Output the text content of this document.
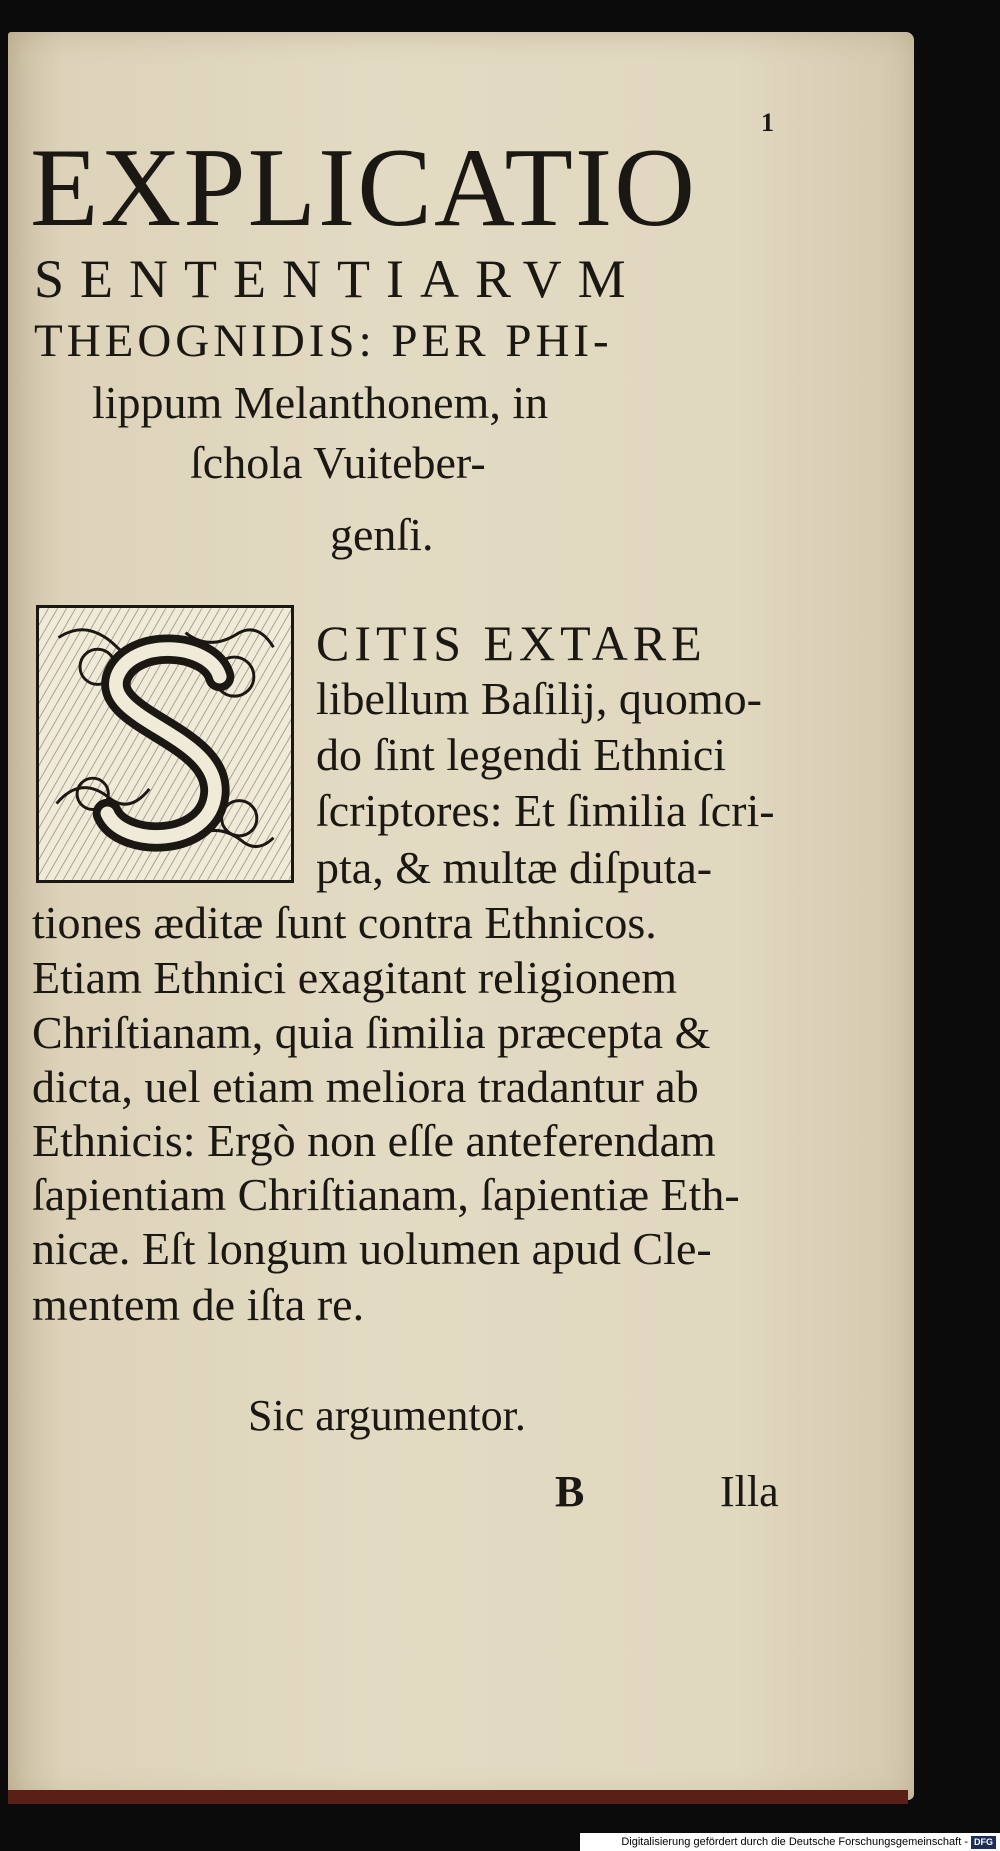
1
EXPLICATIO
SENTENTIARVM
THEOGNIDIS: PER PHI-
lippum Melanthonem, in
ſchola Vuiteber-
genſi.
S
CITIS EXTARE
libellum Baſilij, quomo-
do ſint legendi Ethnici
ſcriptores: Et ſimilia ſcri-
pta, & multæ diſputa-
tiones æditæ ſunt contra Ethnicos.
Etiam Ethnici exagitant religionem
Chriſtianam, quia ſimilia præcepta &
dicta, uel etiam meliora tradantur ab
Ethnicis: Ergò non eſſe anteferendam
ſapientiam Chriſtianam, ſapientiæ Eth-
nicæ. Eſt longum uolumen apud Cle-
mentem de iſta re.
Sic argumentor.
B	Illa
Digitalisierung gefördert durch die Deutsche Forschungsgemeinschaft - DFG
